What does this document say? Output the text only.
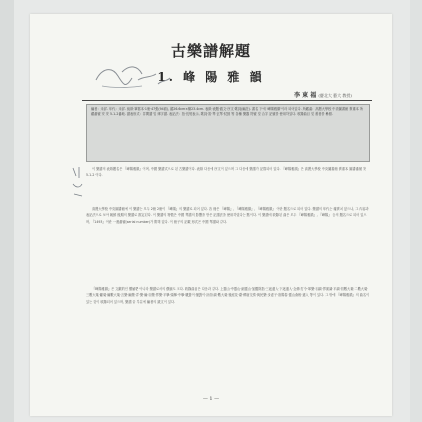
古樂譜解題
1. 峰 陽 雅 韻
李 東 福 (慶北大 藝大 教授)

編者：未詳. 年代：未詳. 純紙·筆寫本·1冊·47張(94面), 縱26.6cm×橫23.4cm. 表紙·表題·跋文·序文·歌詞(編註). 書名 下에 '峰陽雅韻'이라 되어있다. 所藏處：高麗大學校 中央圖書館 貴重本 所藏番號 安 安 5-1-2番地. 譜表形式：井間譜 및 律字譜. 表記法：拍·長短表示, 歌詞·笛·琴·玄琴·杖鼓 等 各種 樂器 符號 및 合字 記號를 使用하였다. 收錄曲目 및 著者를 參照.

이 樂譜의 表紙題名은 『峰陽雅韻』이며, 中國 樂譜式으로 된 古樂譜이다. 表紙 다음에 序文이 있으며 그 다음에 樂譜가 記寫되어 있다. 『峰陽雅韻』은 高麗大學校 中央圖書館 貴重本 圖書番號 安 5-1-2 이다.

高麗大學校 中央圖書館에 이 樂譜는 모두 2冊 2冊이 『峰陽』의 樂譜로 되어 있다. 各 冊은 『峰陽』, 『峰陽雅韻』, 『峰陽雅韻』 이란 題名으로 되어 있다. 樂譜의 年代는 確實치 않으나, 그 內容과 表記法으로 보아 朝鮮 後期의 樂譜로 推定된다. 이 樂譜의 特徵은 中國 琴譜의 影響을 받은 記譜法을 使用하였다는 點이다. 이 樂譜에 收錄된 曲은 모두 『峰陽雅韻』, 『峰陽』 등의 題名으로 되어 있으며, 『1493』이란 一連番號(serial number)가 附해 있다. 이 冊子의 記載 形式은 中國 琴譜와 같다.

『峰陽雅韻』은 文獻的인 價値뿐 아니라 樂譜로서의 價値도 크다. 收錄曲目은 다음과 같다. 上靈山·中靈山·細靈山·加羅除指·三絃還入·下絃還入·念佛·打令·軍樂·羽調·界面調·平調·初數大葉·二數大葉·三數大葉·蘿葉·編數大葉·言樂·編樂·弄·樂·編·羽樂·界樂·平擧·頭擧·中擧·騷聳이·搔聳이·計面·調·數大葉·後庭花·臺·鄕唐交奏·與民樂·步虛子·洛陽春·靈山會相·還入 等이 있다. 그 밖에 『峰陽雅韻』의 曲名이 있는 것이 收錄되어 있으며, 樂譜 끝 부분에 編者의 跋文이 있다.

— 1 —
